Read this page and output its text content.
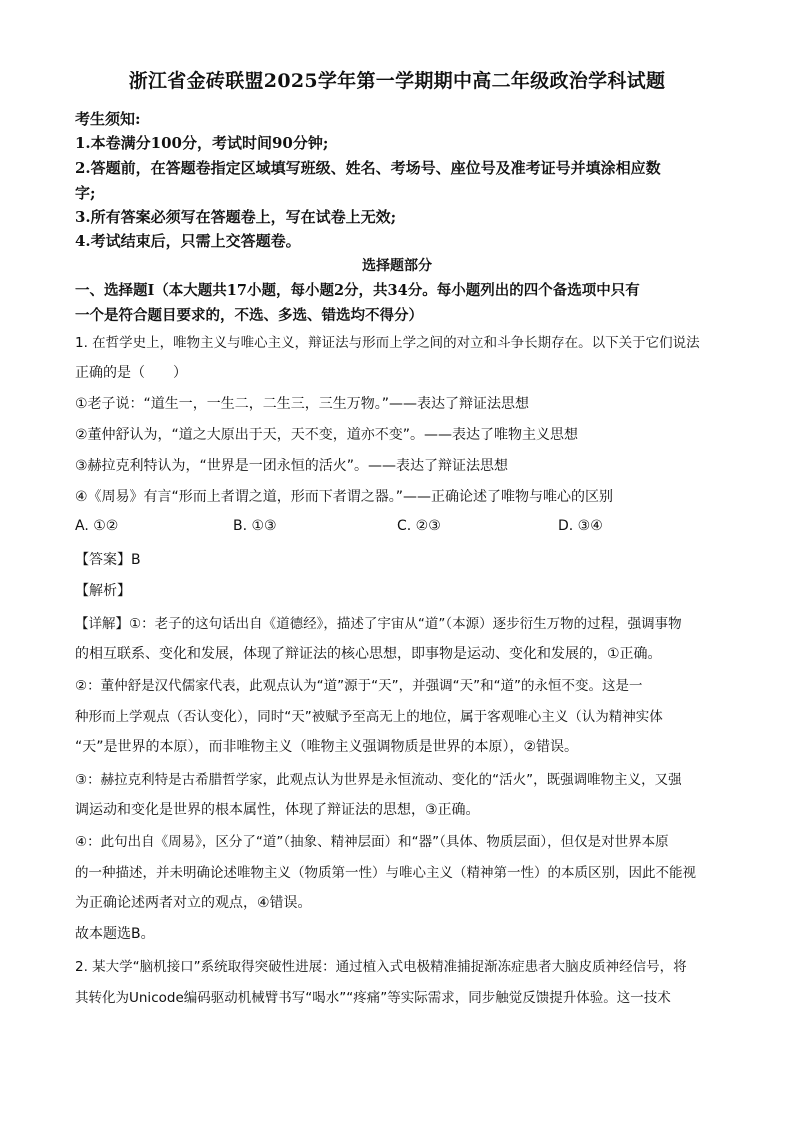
浙江省金砖联盟2025学年第一学期期中高二年级政治学科试题
考生须知:
1.本卷满分100分，考试时间90分钟;
2.答题前，在答题卷指定区域填写班级、姓名、考场号、座位号及准考证号并填涂相应数
字;
3.所有答案必须写在答题卷上，写在试卷上无效;
4.考试结束后，只需上交答题卷。
选择题部分
一、选择题Ⅰ（本大题共17小题，每小题2分，共34分。每小题列出的四个备选项中只有
一个是符合题目要求的，不选、多选、错选均不得分）
1. 在哲学史上，唯物主义与唯心主义，辩证法与形而上学之间的对立和斗争长期存在。以下关于它们说法
正确的是（　　）
①老子说：“道生一，一生二，二生三，三生万物。”——表达了辩证法思想
②董仲舒认为，“道之大原出于天，天不变，道亦不变”。——表达了唯物主义思想
③赫拉克利特认为，“世界是一团永恒的活火”。——表达了辩证法思想
④《周易》有言“形而上者谓之道，形而下者谓之器。”——正确论述了唯物与唯心的区别
A. ①②	B. ①③	C. ②③	D. ③④
【答案】B
【解析】
【详解】①：老子的这句话出自《道德经》，描述了宇宙从“道”（本源）逐步衍生万物的过程，强调事物
的相互联系、变化和发展，体现了辩证法的核心思想，即事物是运动、变化和发展的，①正确。
②：董仲舒是汉代儒家代表，此观点认为“道”源于“天”，并强调“天”和“道”的永恒不变。这是一
种形而上学观点（否认变化），同时“天”被赋予至高无上的地位，属于客观唯心主义（认为精神实体
“天”是世界的本原），而非唯物主义（唯物主义强调物质是世界的本原），②错误。
③：赫拉克利特是古希腊哲学家，此观点认为世界是永恒流动、变化的“活火”，既强调唯物主义，又强
调运动和变化是世界的根本属性，体现了辩证法的思想，③正确。
④：此句出自《周易》，区分了“道”（抽象、精神层面）和“器”（具体、物质层面），但仅是对世界本原
的一种描述，并未明确论述唯物主义（物质第一性）与唯心主义（精神第一性）的本质区别，因此不能视
为正确论述两者对立的观点，④错误。
故本题选B。
2. 某大学“脑机接口”系统取得突破性进展：通过植入式电极精准捕捉渐冻症患者大脑皮质神经信号，将
其转化为Unicode编码驱动机械臂书写“喝水”“疼痛”等实际需求，同步触觉反馈提升体验。这一技术
